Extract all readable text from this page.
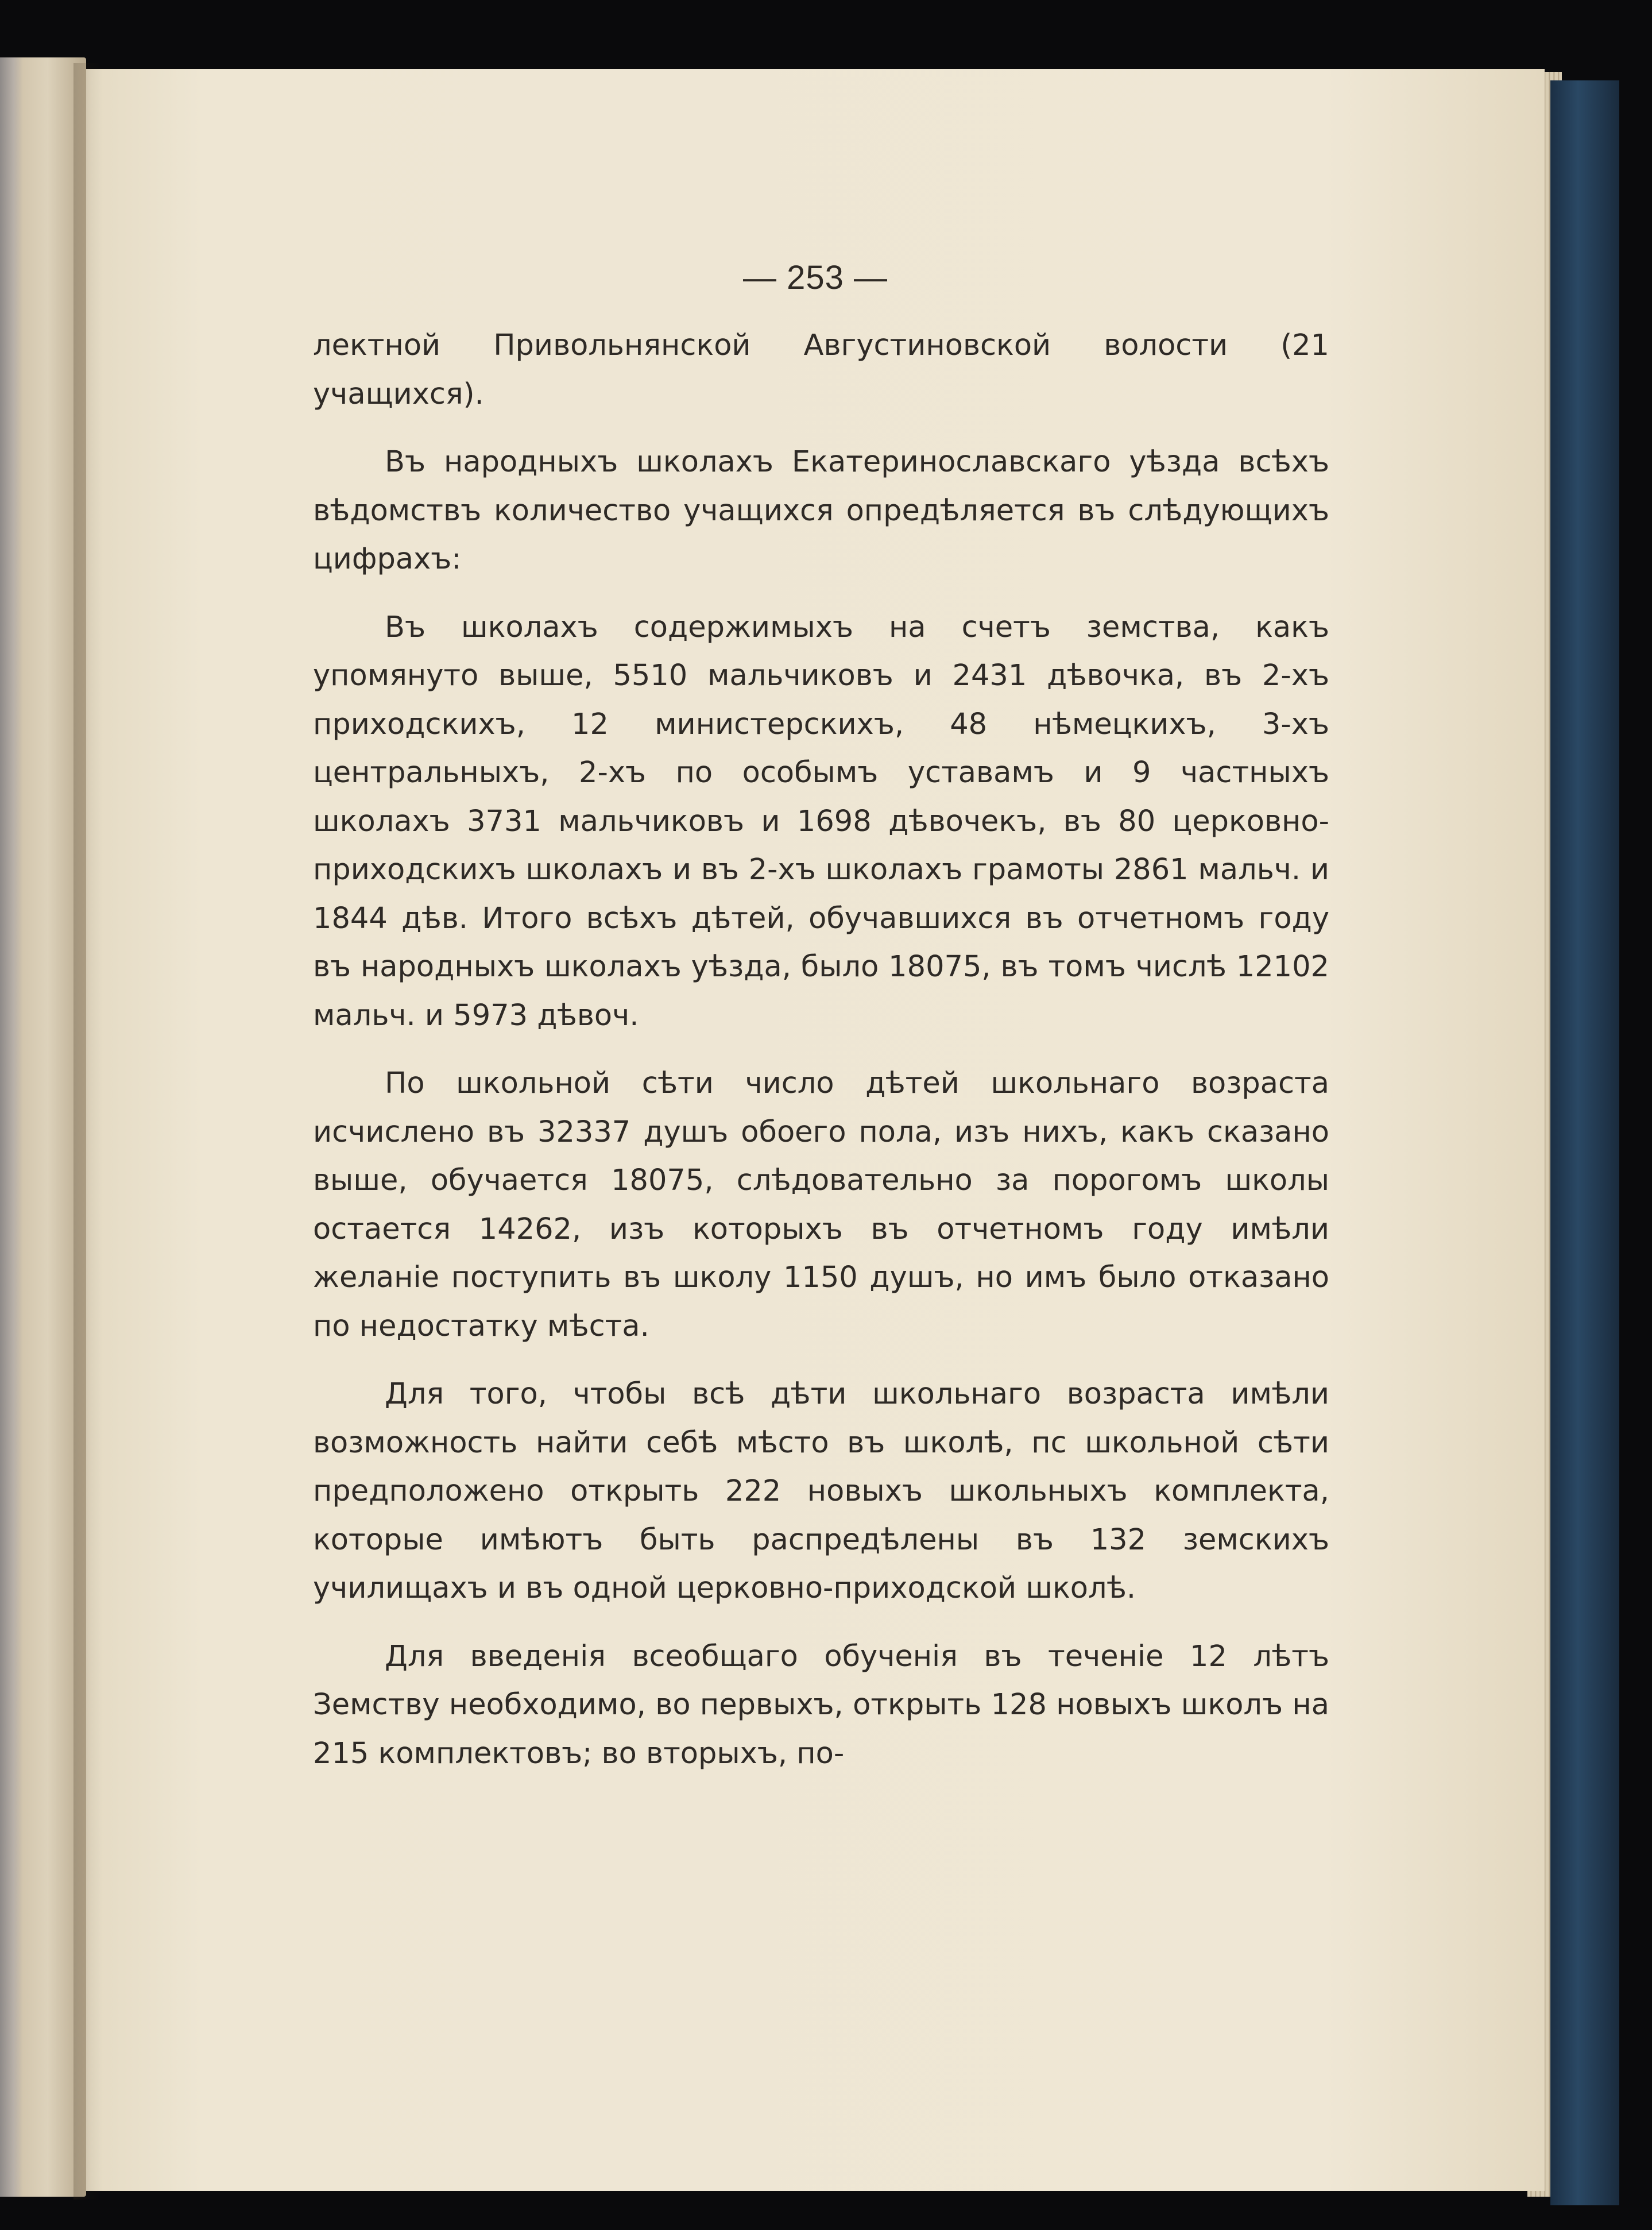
— 253 —

лектной Привольнянской Августиновской волости (21 учащихся).

Въ народныхъ школахъ Екатеринославскаго уѣзда всѣхъ вѣдомствъ количество учащихся опредѣляется въ слѣдующихъ цифрахъ:

Въ школахъ содержимыхъ на счетъ земства, какъ упомянуто выше, 5510 мальчиковъ и 2431 дѣвочка, въ 2-хъ приходскихъ, 12 министерскихъ, 48 нѣмецкихъ, 3-хъ центральныхъ, 2-хъ по особымъ уставамъ и 9 частныхъ школахъ 3731 мальчиковъ и 1698 дѣвочекъ, въ 80 церковно-приходскихъ школахъ и въ 2-хъ школахъ грамоты 2861 мальч. и 1844 дѣв. Итого всѣхъ дѣтей, обучавшихся въ отчетномъ году въ народныхъ школахъ уѣзда, было 18075, въ томъ числѣ 12102 мальч. и 5973 дѣвоч.

По школьной сѣти число дѣтей школьнаго возраста исчислено въ 32337 душъ обоего пола, изъ нихъ, какъ сказано выше, обучается 18075, слѣдовательно за порогомъ школы остается 14262, изъ которыхъ въ отчетномъ году имѣли желаніе поступить въ школу 1150 душъ, но имъ было отказано по недостатку мѣста.

Для того, чтобы всѣ дѣти школьнаго возраста имѣли возможность найти себѣ мѣсто въ школѣ, пс школьной сѣти предположено открыть 222 новыхъ школьныхъ комплекта, которые имѣютъ быть распредѣлены въ 132 земскихъ училищахъ и въ одной церковно-приходской школѣ.

Для введенія всеобщаго обученія въ теченіе 12 лѣтъ Земству необходимо, во первыхъ, открыть 128 новыхъ школъ на 215 комплектовъ; во вторыхъ, по-
